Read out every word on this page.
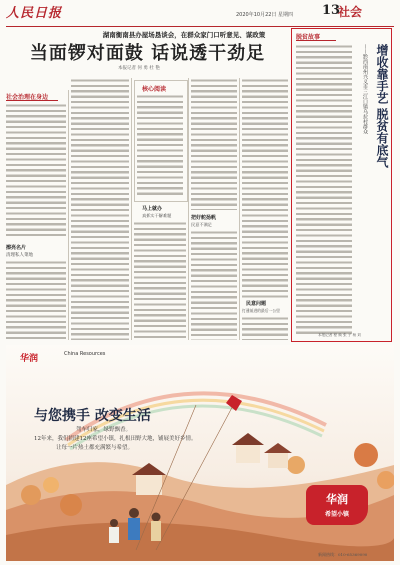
人民日报	2020年10月22日 星期四 13
社会
湖南衡南县办屋场恳谈会，在群众家门口听意见、谋政策
当面锣对面鼓 话说透干劲足
本报记者 何 勇 杜 艳
社会治理在身边
擦亮名片
清理私人菜地
核心阅读
马上就办
真抓实干解难题	把好舵扬帆
民意不满足
民意问题
打通前进的最后一公里
脱贫故事
增收靠手艺 脱贫有底气
——黔西南州兴义市三江口镇乌拉村群众
本报记者 程 焕 张 子 杨 刘
华润	China Resources
与您携手 改变生活
驾车归家，绿野飘香。
12年来，我们捐建12座希望小镇，扎根田野大地，铺展美好乡情。
让每一片热土都充满繁与希望。
华润
希望小镇
新闻热线：010-65369090
